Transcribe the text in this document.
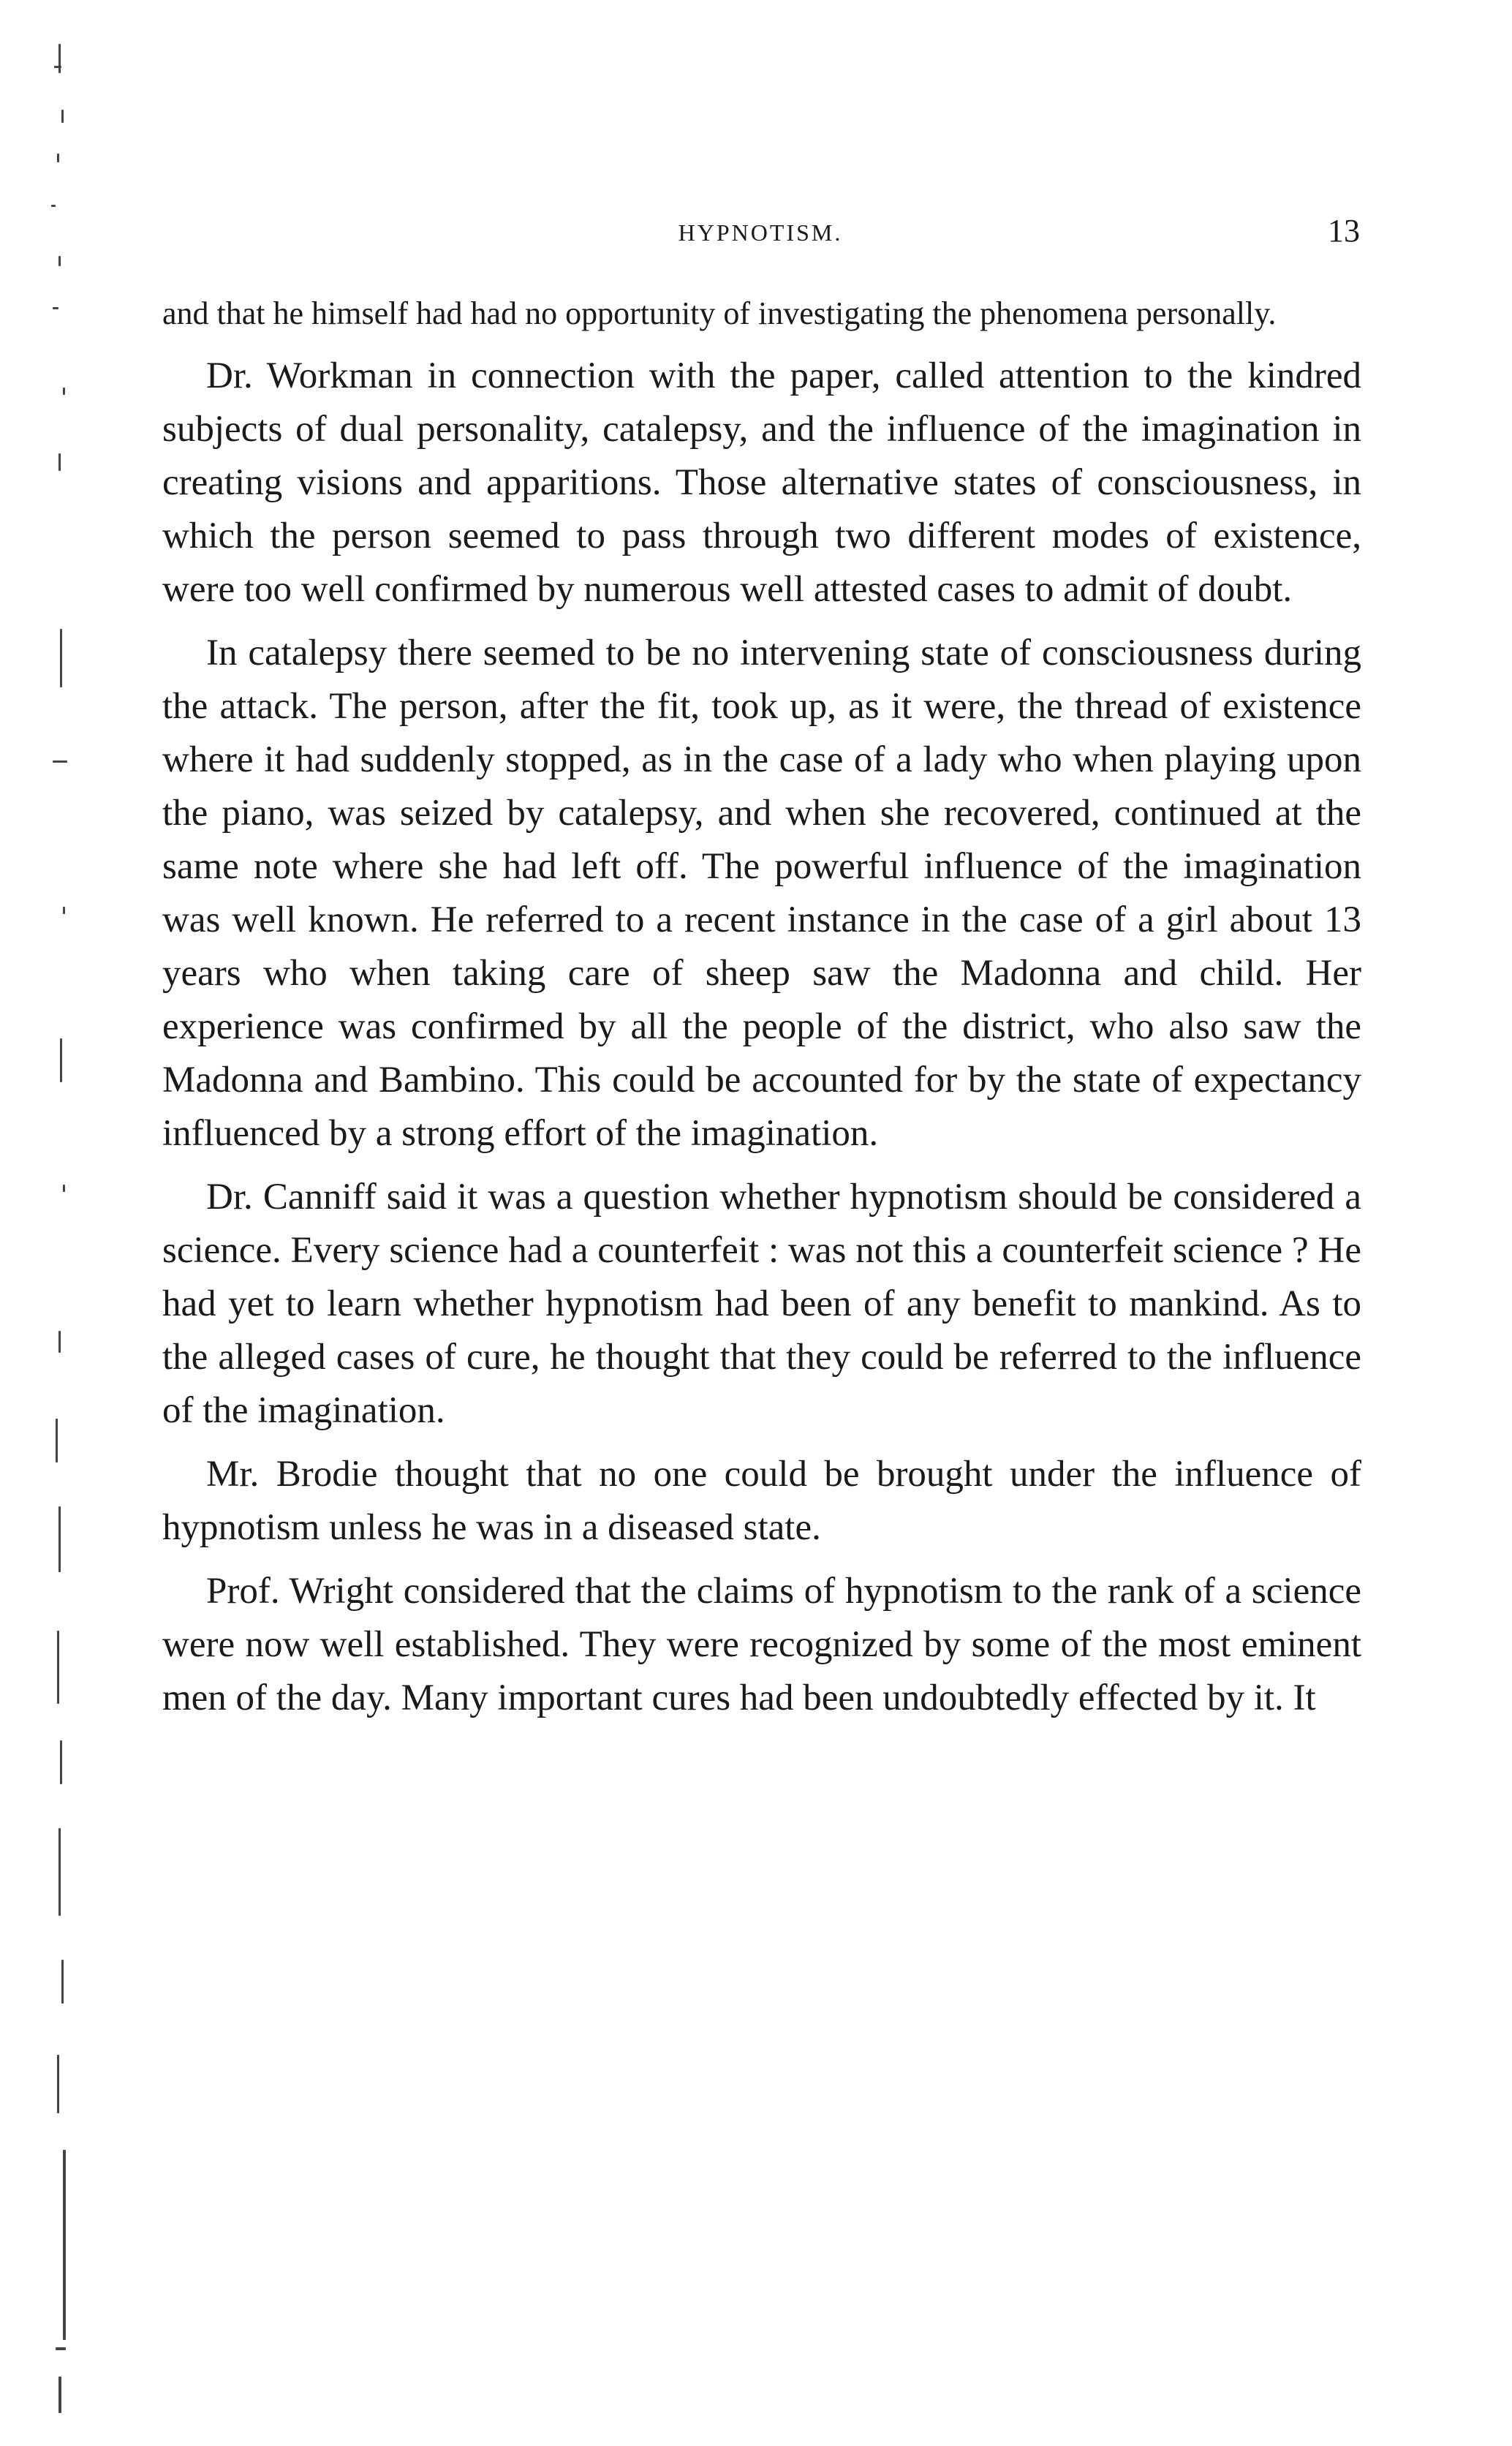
HYPNOTISM.	13

and that he himself had had no opportunity of investigating the phenomena personally.

Dr. Workman in connection with the paper, called attention to the kindred subjects of dual personality, catalepsy, and the influence of the imagination in creating visions and apparitions. Those alternative states of consciousness, in which the person seemed to pass through two different modes of existence, were too well confirmed by numerous well attested cases to admit of doubt.

In catalepsy there seemed to be no intervening state of consciousness during the attack. The person, after the fit, took up, as it were, the thread of existence where it had suddenly stopped, as in the case of a lady who when playing upon the piano, was seized by catalepsy, and when she recovered, continued at the same note where she had left off. The powerful influence of the imagination was well known. He referred to a recent instance in the case of a girl about 13 years who when taking care of sheep saw the Madonna and child. Her experience was confirmed by all the people of the district, who also saw the Madonna and Bambino. This could be accounted for by the state of expectancy influenced by a strong effort of the imagination.

Dr. Canniff said it was a question whether hypnotism should be considered a science. Every science had a counterfeit : was not this a counterfeit science ? He had yet to learn whether hypnotism had been of any benefit to mankind. As to the alleged cases of cure, he thought that they could be referred to the influence of the imagination.

Mr. Brodie thought that no one could be brought under the influence of hypnotism unless he was in a diseased state.

Prof. Wright considered that the claims of hypnotism to the rank of a science were now well established. They were recognized by some of the most eminent men of the day. Many important cures had been undoubtedly effected by it. It
